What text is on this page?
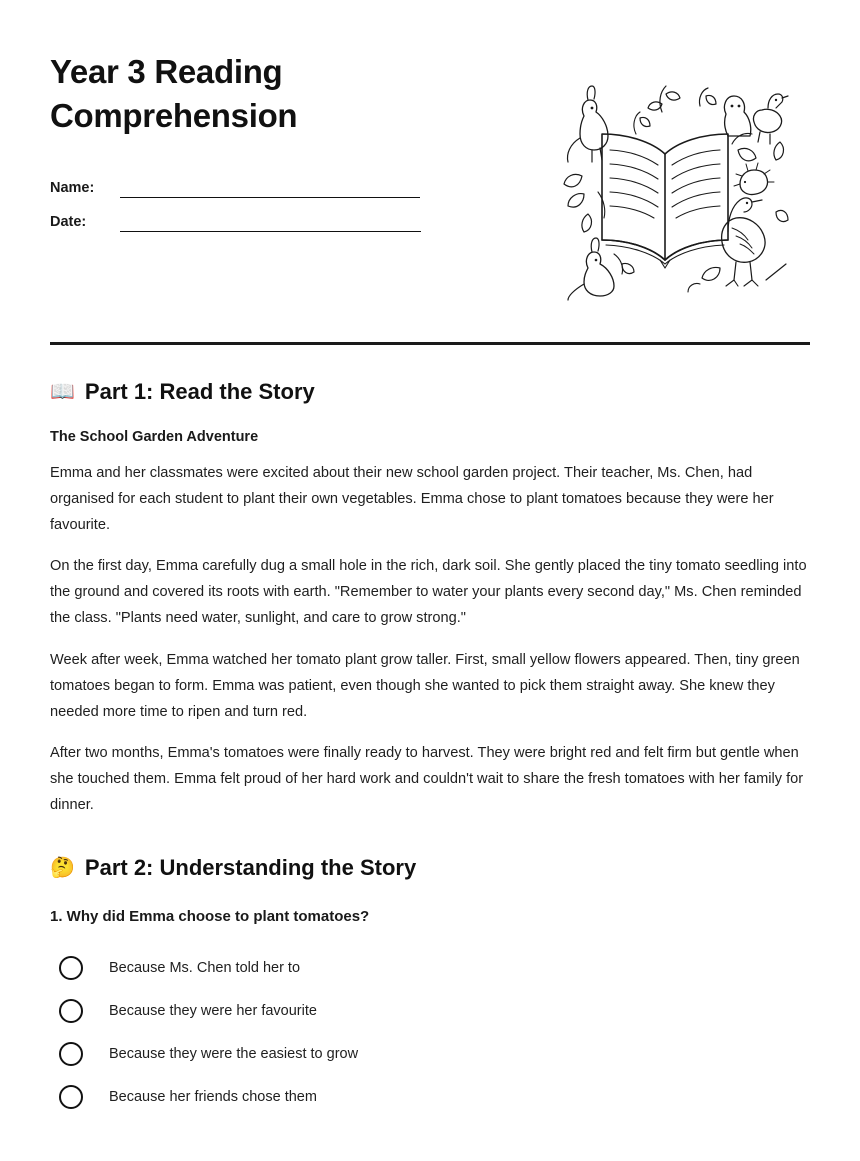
Year 3 Reading Comprehension
Name:
Date:
📖 Part 1: Read the Story
The School Garden Adventure

Emma and her classmates were excited about their new school garden project. Their teacher, Ms. Chen, had organised for each student to plant their own vegetables. Emma chose to plant tomatoes because they were her favourite.

On the first day, Emma carefully dug a small hole in the rich, dark soil. She gently placed the tiny tomato seedling into the ground and covered its roots with earth. "Remember to water your plants every second day," Ms. Chen reminded the class. "Plants need water, sunlight, and care to grow strong."

Week after week, Emma watched her tomato plant grow taller. First, small yellow flowers appeared. Then, tiny green tomatoes began to form. Emma was patient, even though she wanted to pick them straight away. She knew they needed more time to ripen and turn red.

After two months, Emma's tomatoes were finally ready to harvest. They were bright red and felt firm but gentle when she touched them. Emma felt proud of her hard work and couldn't wait to share the fresh tomatoes with her family for dinner.

🤔 Part 2: Understanding the Story
1. Why did Emma choose to plant tomatoes?
Because Ms. Chen told her to
Because they were her favourite
Because they were the easiest to grow
Because her friends chose them
